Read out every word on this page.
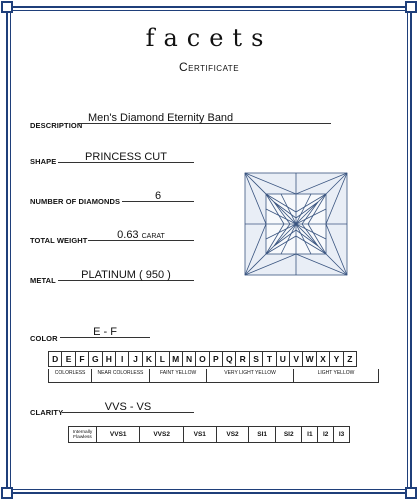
facets
Certificate
DESCRIPTION
Men's Diamond Eternity Band
SHAPE	PRINCESS CUT
NUMBER OF DIAMONDS	6
TOTAL WEIGHT	0.63 CARAT
METAL	PLATINUM ( 950 )
COLOR
E - F
D	E	F	G	H	I	J	K	L	M	N	O	P	Q	R	S	T	U	V	W	X	Y	Z
COLORLESS	NEAR COLORLESS	FAINT YELLOW	VERY LIGHT YELLOW	LIGHT YELLOW
CLARITY	VVS - VS
Internally Flawless	VVS1	VVS2	VS1	VS2	SI1	SI2	I1	I2	I3
